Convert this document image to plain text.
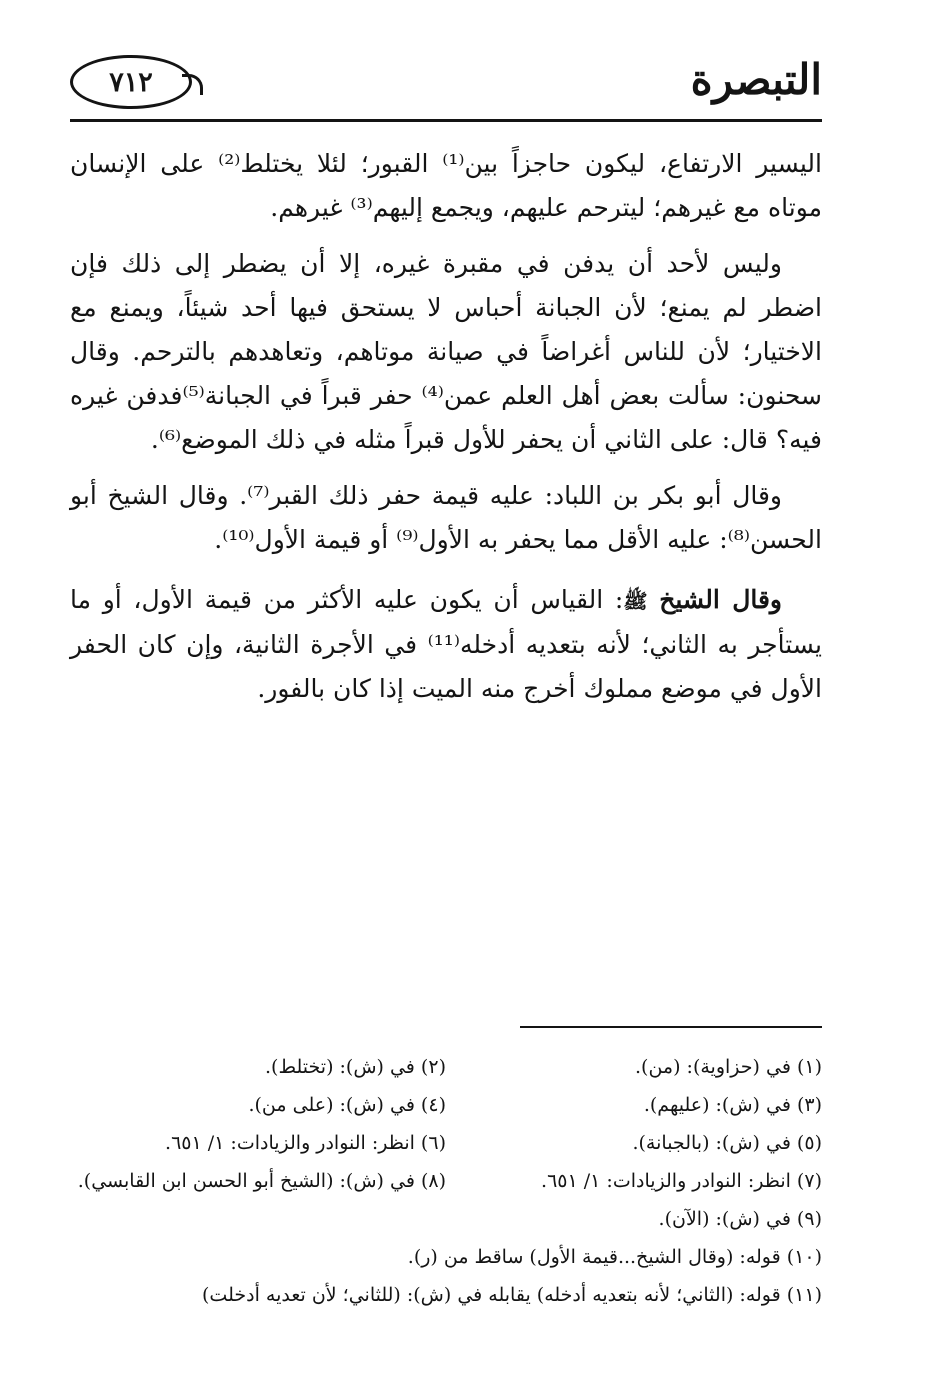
٧١٢	التبصرة

اليسير الارتفاع، ليكون حاجزاً بين⁽¹⁾ القبور؛ لئلا يختلط⁽²⁾ على الإنسان موتاه مع غيرهم؛ ليترحم عليهم، ويجمع إليهم⁽³⁾ غيرهم.

وليس لأحد أن يدفن في مقبرة غيره، إلا أن يضطر إلى ذلك فإن اضطر لم يمنع؛ لأن الجبانة أحباس لا يستحق فيها أحد شيئاً، ويمنع مع الاختيار؛ لأن للناس أغراضاً في صيانة موتاهم، وتعاهدهم بالترحم. وقال سحنون: سألت بعض أهل العلم عمن⁽⁴⁾ حفر قبراً في الجبانة⁽⁵⁾فدفن غيره فيه؟ قال: على الثاني أن يحفر للأول قبراً مثله في ذلك الموضع⁽⁶⁾.

وقال أبو بكر بن اللباد: عليه قيمة حفر ذلك القبر⁽⁷⁾. وقال الشيخ أبو الحسن⁽⁸⁾: عليه الأقل مما يحفر به الأول⁽⁹⁾ أو قيمة الأول⁽¹⁰⁾.

وقال الشيخ ﷺ: القياس أن يكون عليه الأكثر من قيمة الأول، أو ما يستأجر به الثاني؛ لأنه بتعديه أدخله⁽¹¹⁾ في الأجرة الثانية، وإن كان الحفر الأول في موضع مملوك أخرج منه الميت إذا كان بالفور.

(١) في (حزاوية): (من).
(٢) في (ش): (تختلط).
(٣) في (ش): (عليهم).
(٤) في (ش): (على من).
(٥) في (ش): (بالجبانة).
(٦) انظر: النوادر والزيادات: ١/ ٦٥١.
(٧) انظر: النوادر والزيادات: ١/ ٦٥١.
(٨) في (ش): (الشيخ أبو الحسن ابن القابسي).
(٩) في (ش): (الآن).
(١٠) قوله: (وقال الشيخ...قيمة الأول) ساقط من (ر).
(١١) قوله: (الثاني؛ لأنه بتعديه أدخله) يقابله في (ش): (للثاني؛ لأن تعديه أدخلت)
